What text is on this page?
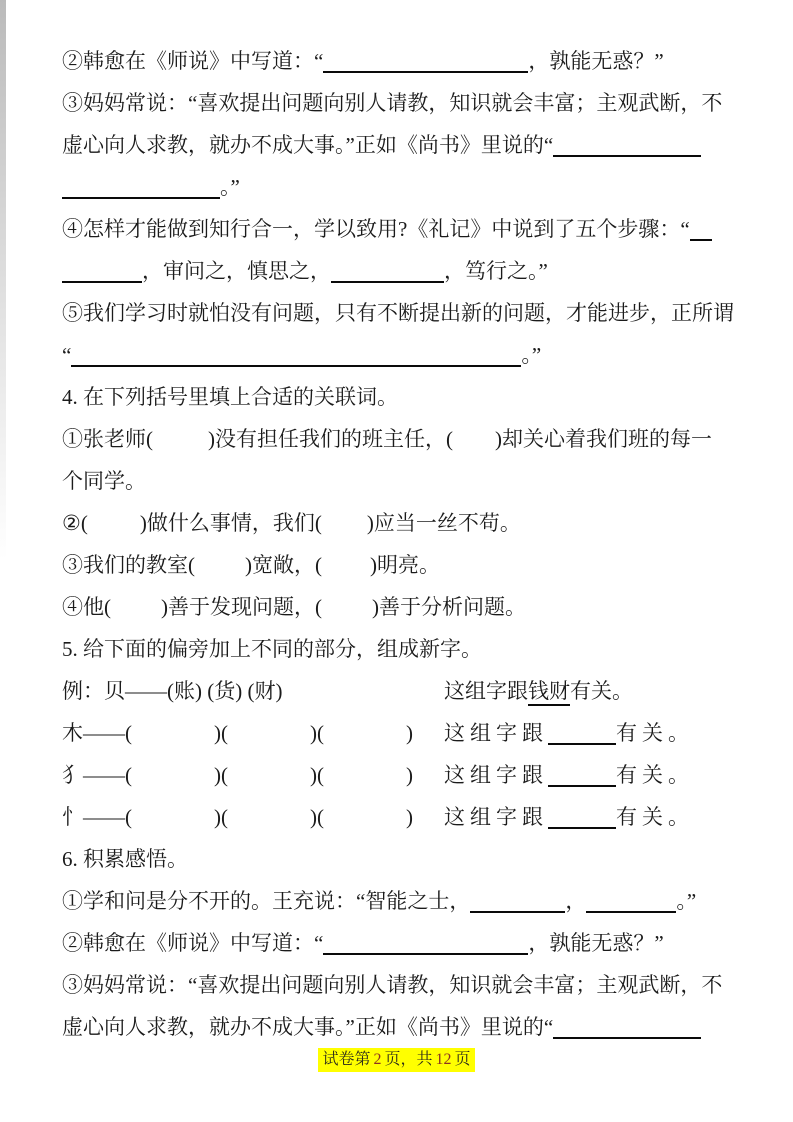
②韩愈在《师说》中写道：“	，孰能无惑？”
③妈妈常说：“喜欢提出问题向别人请教，知识就会丰富；主观武断，不
虚心向人求教，就办不成大事。”正如《尚书》里说的“
。”
④怎样才能做到知行合一，学以致用?《礼记》中说到了五个步骤：“
，审问之，慎思之，	，笃行之。”
⑤我们学习时就怕没有问题，只有不断提出新的问题，才能进步，正所谓
“	。”
4. 在下列括号里填上合适的关联词。
①张老师(	)没有担任我们的班主任，( )却关心着我们班的每一
个同学。
②( )做什么事情，我们( )应当一丝不苟。
③我们的教室( )宽敞，( )明亮。
④他( )善于发现问题，( )善于分析问题。
5. 给下面的偏旁加上不同的部分，组成新字。
例：贝——(账) (货) (财)	这组字跟钱财有关。
木——(	)(	)(	) 这组字跟	有关。
犭——(	)(	)(	) 这组字跟	有关。
忄——(	)(	)(	) 这组字跟	有关。
6. 积累感悟。
①学和问是分不开的。王充说：“智能之士，	，	。”
②韩愈在《师说》中写道：“	，孰能无惑？”
③妈妈常说：“喜欢提出问题向别人请教，知识就会丰富；主观武断，不
虚心向人求教，就办不成大事。”正如《尚书》里说的“
试卷第 2 页，共 12 页
